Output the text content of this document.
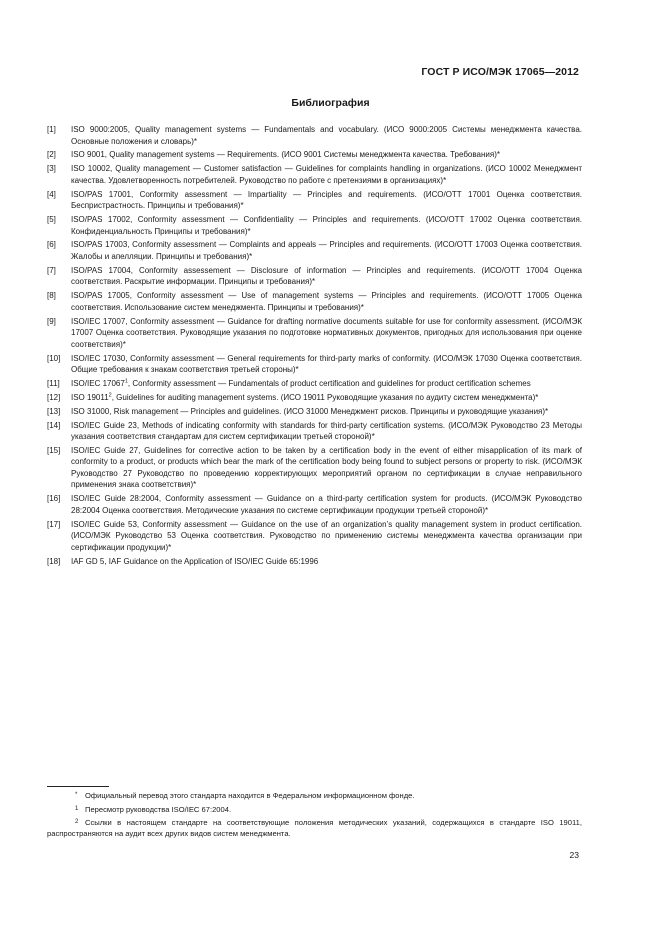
ГОСТ Р ИСО/МЭК 17065—2012
Библиография
[1]	ISO 9000:2005, Quality management systems — Fundamentals and vocabulary. (ИСО 9000:2005 Системы менеджмента качества. Основные положения и словарь)*
[2]	ISO 9001, Quality management systems — Requirements. (ИСО 9001 Системы менеджмента качества. Требования)*
[3]	ISO 10002, Quality management — Customer satisfaction — Guidelines for complaints handling in organizations. (ИСО 10002 Менеджмент качества. Удовлетворенность потребителей. Руководство по работе с претензиями в организациях)*
[4]	ISO/PAS 17001, Conformity assessment — Impartiality — Principles and requirements. (ИСО/ОТТ 17001 Оценка соответствия. Беспристрастность. Принципы и требования)*
[5]	ISO/PAS 17002, Conformity assessment — Confidentiality — Principles and requirements. (ИСО/ОТТ 17002 Оценка соответствия. Конфиденциальность Принципы и требования)*
[6]	ISO/PAS 17003, Conformity assessment — Complaints and appeals — Principles and requirements. (ИСО/ОТТ 17003 Оценка соответствия. Жалобы и апелляции. Принципы и требования)*
[7]	ISO/PAS 17004, Conformity assessement — Disclosure of information — Principles and requirements. (ИСО/ОТТ 17004 Оценка соответствия. Раскрытие информации. Принципы и требования)*
[8]	ISO/PAS 17005, Conformity assessment — Use of management systems — Principles and requirements. (ИСО/ОТТ 17005 Оценка соответствия. Использование систем менеджмента. Принципы и требования)*
[9]	ISO/IEC 17007, Conformity assessment — Guidance for drafting normative documents suitable for use for conformity assessment. (ИСО/МЭК 17007 Оценка соответствия. Руководящие указания по подготовке нормативных документов, пригодных для использования при оценке соответствия)*
[10]	ISO/IEC 17030, Conformity assessment — General requirements for third-party marks of conformity. (ИСО/МЭК 17030 Оценка соответствия. Общие требования к знакам соответствия третьей стороны)*
[11]	ISO/IEC 17067$^1$, Conformity assessment — Fundamentals of product certification and guidelines for product certification schemes
[12]	ISO 19011$^2$, Guidelines for auditing management systems. (ИСО 19011 Руководящие указания по аудиту систем менеджмента)*
[13]	ISO 31000, Risk management — Principles and guidelines. (ИСО 31000 Менеджмент рисков. Принципы и руководящие указания)*
[14]	ISO/IEC Guide 23, Methods of indicating conformity with standards for third-party certification systems. (ИСО/МЭК Руководство 23 Методы указания соответствия стандартам для систем сертификации третьей стороной)*
[15]	ISO/IEC Guide 27, Guidelines for corrective action to be taken by a certification body in the event of either misapplication of its mark of conformity to a product, or products which bear the mark of the certification body being found to subject persons or property to risk. (ИСО/МЭК Руководство 27 Руководство по проведению корректирующих мероприятий органом по сертификации в случае неправильного применения знака соответствия)*
[16]	ISO/IEC Guide 28:2004, Conformity assessment — Guidance on a third-party certification system for products. (ИСО/МЭК Руководство 28:2004 Оценка соответствия. Методические указания по системе сертификации продукции третьей стороной)*
[17]	ISO/IEC Guide 53, Conformity assessment — Guidance on the use of an organization’s quality management system in product certification. (ИСО/МЭК Руководство 53 Оценка соответствия. Руководство по применению системы менеджмента качества организации при сертификации продукции)*
[18]	IAF GD 5, IAF Guidance on the Application of ISO/IEC Guide 65:1996
* Официальный перевод этого стандарта находится в Федеральном информационном фонде.
1 Пересмотр руководства ISO/IEC 67:2004.
2 Ссылки в настоящем стандарте на соответствующие положения методических указаний, содержащихся в стандарте ISO 19011, распространяются на аудит всех других видов систем менеджмента.
23
